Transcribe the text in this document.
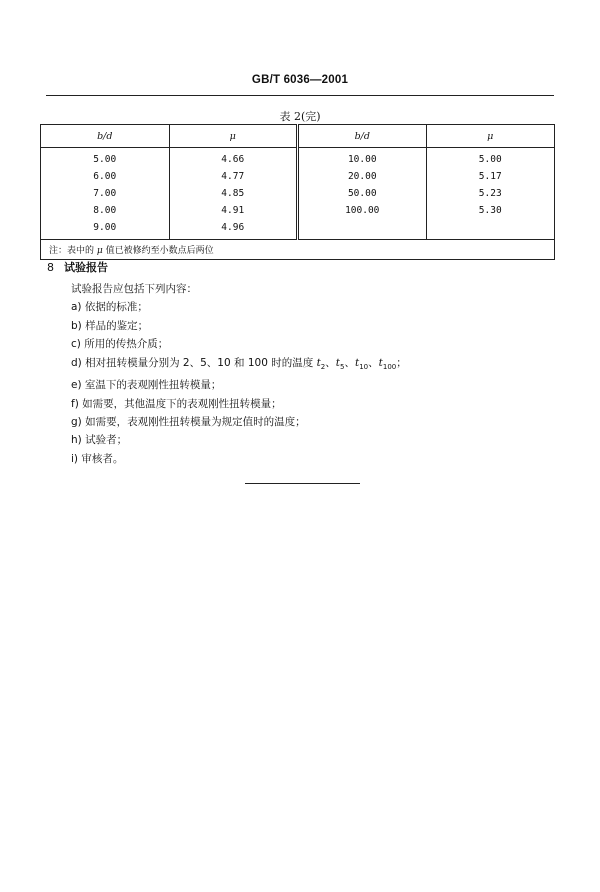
GB/T 6036—2001
表 2(完)
b/d	μ	b/d	μ
5.00	4.66	10.00	5.00
6.00	4.77	20.00	5.17
7.00	4.85	50.00	5.23
8.00	4.91	100.00	5.30
9.00	4.96		
注：表中的 μ 值已被修约至小数点后两位			
8 试验报告
试验报告应包括下列内容：
a) 依据的标准；
b) 样品的鉴定；
c) 所用的传热介质；
d) 相对扭转模量分别为 2、5、10 和 100 时的温度 $t_2$、$t_5$、$t_{10}$、$t_{100}$；
e) 室温下的表观刚性扭转模量；
f) 如需要，其他温度下的表观刚性扭转模量；
g) 如需要，表观刚性扭转模量为规定值时的温度；
h) 试验者；
i) 审核者。
